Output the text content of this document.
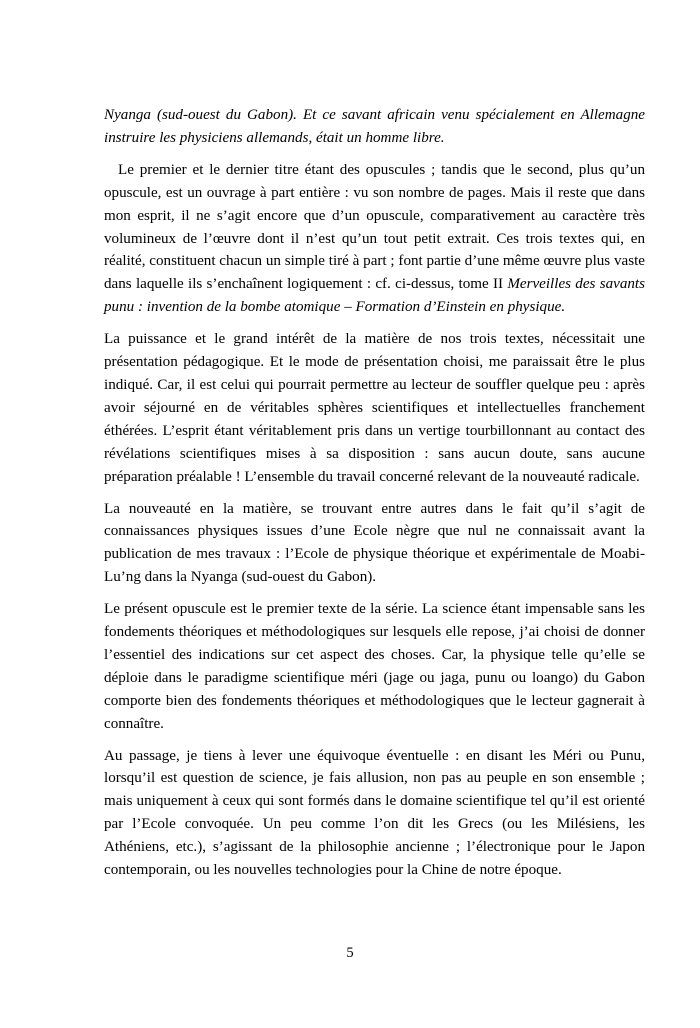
Nyanga (sud-ouest du Gabon). Et ce savant africain venu spécialement en Allemagne instruire les physiciens allemands, était un homme libre.

Le premier et le dernier titre étant des opuscules ; tandis que le second, plus qu’un opuscule, est un ouvrage à part entière : vu son nombre de pages. Mais il reste que dans mon esprit, il ne s’agit encore que d’un opuscule, comparativement au caractère très volumineux de l’œuvre dont il n’est qu’un tout petit extrait. Ces trois textes qui, en réalité, constituent chacun un simple tiré à part ; font partie d’une même œuvre plus vaste dans laquelle ils s’enchaînent logiquement : cf. ci-dessus, tome II Merveilles des savants punu : invention de la bombe atomique – Formation d’Einstein en physique.

La puissance et le grand intérêt de la matière de nos trois textes, nécessitait une présentation pédagogique. Et le mode de présentation choisi, me paraissait être le plus indiqué. Car, il est celui qui pourrait permettre au lecteur de souffler quelque peu : après avoir séjourné en de véritables sphères scientifiques et intellectuelles franchement éthérées. L’esprit étant véritablement pris dans un vertige tourbillonnant au contact des révélations scientifiques mises à sa disposition : sans aucun doute, sans aucune préparation préalable ! L’ensemble du travail concerné relevant de la nouveauté radicale.

La nouveauté en la matière, se trouvant entre autres dans le fait qu’il s’agit de connaissances physiques issues d’une Ecole nègre que nul ne connaissait avant la publication de mes travaux : l’Ecole de physique théorique et expérimentale de Moabi-Lu’ng dans la Nyanga (sud-ouest du Gabon).

Le présent opuscule est le premier texte de la série. La science étant impensable sans les fondements théoriques et méthodologiques sur lesquels elle repose, j’ai choisi de donner l’essentiel des indications sur cet aspect des choses. Car, la physique telle qu’elle se déploie dans le paradigme scientifique méri (jage ou jaga, punu ou loango) du Gabon comporte bien des fondements théoriques et méthodologiques que le lecteur gagnerait à connaître.

Au passage, je tiens à lever une équivoque éventuelle : en disant les Méri ou Punu, lorsqu’il est question de science, je fais allusion, non pas au peuple en son ensemble ; mais uniquement à ceux qui sont formés dans le domaine scientifique tel qu’il est orienté par l’Ecole convoquée. Un peu comme l’on dit les Grecs (ou les Milésiens, les Athéniens, etc.), s’agissant de la philosophie ancienne ; l’électronique pour le Japon contemporain, ou les nouvelles technologies pour la Chine de notre époque.

5
